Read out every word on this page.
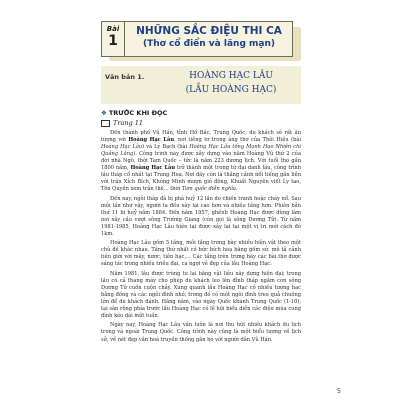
Bài
1
NHỮNG SẮC ĐIỆU THI CA
(Thơ cổ điển và lãng mạn)
Văn bản 1.	HOÀNG HẠC LÂU
(LẦU HOÀNG HẠC)
❖ TRƯỚC KHI ĐỌC
Trang 11

Đến thành phố Vũ Hán, tỉnh Hồ Bắc, Trung Quốc, du khách sẽ rất ấn tượng với Hoàng Hạc Lâu, nơi tiếng tơ trong áng thơ của Thôi Hiệu (bài Hoàng Hạc Lâu) và Lý Bạch (bài Hoàng Hạc Lâu tống Mạnh Hạo Nhiên chi Quảng Lăng). Công trình này được xây dựng vào năm Hoàng Vũ thứ 2 của đời nhà Ngô, thời Tam Quốc – tức là năm 223 dương lịch. Với tuổi thọ gần 1800 năm, Hoàng Hạc Lâu trở thành một trong tứ đại danh lâu, công trình lầu tháp cổ nhất tại Trung Hoa. Nơi đây còn là thắng cảnh nổi tiếng gắn liền với trận Xích Bích, Không Minh mượn gió đông, Khuất Nguyên viết Ly tao, Tôn Quyền xem trận thế... thời Tam quốc diễn nghĩa.

Đến nay, ngôi tháp đã bị phá huỷ 12 lần do chiến tranh hoặc cháy nổ. Sau mỗi lần như vậy, người ta đều xây lại cao hơn và nhiều tầng hơn. Phiên bản thứ 11 bị huỷ năm 1884. Đến năm 1957, ghềnh Hoàng Hạc được dùng làm nơi xây cầu vượt sông Trường Giang (còn gọi là sông Dương Tử). Từ năm 1981-1985, Hoàng Hạc Lâu hiện tại được xây lại tại một vị trí mới cách đó 1km.

Hoàng Hạc Lâu gồm 5 tầng, mỗi tầng trưng bày nhiều hiện vật theo một chủ đề khác nhau. Tầng thứ nhất có bức bích hoạ bằng gốm sứ, mô tả cảnh tiên giới với mây, nước, tiên hạc,... Các tầng trên trưng bày các bài thơ được sáng tác trong nhiều triều đại, ca ngợi vẻ đẹp của lầu Hoàng Hạc.

Năm 1981, lầu được trùng tu lại bằng vật liệu xây dựng hiện đại; trong lầu có cả thang máy cho phép du khách leo lên đỉnh tháp ngắm con sông Dương Tử cuồn cuộn chảy. Xung quanh lầu Hoàng Hạc có nhiều tượng hạc bằng đồng và các ngôi đình nhỏ; trong đó có một ngôi đình treo quả chuông lớn để du khách đánh. Hằng năm, vào ngày Quốc khánh Trung Quốc (1-10), tại sân rộng phía trước lầu Hoàng Hạc có lễ hội biểu diễn các điệu múa cung đình kéo dài một tuần.

Ngày nay, Hoàng Hạc Lâu vẫn luôn là nơi thu hút nhiều khách du lịch trong và ngoài Trung Quốc. Công trình này cũng là một biểu tượng về lịch sử, về nét đẹp văn hoá truyền thống gắn bó với người dân Vũ Hán.

5
